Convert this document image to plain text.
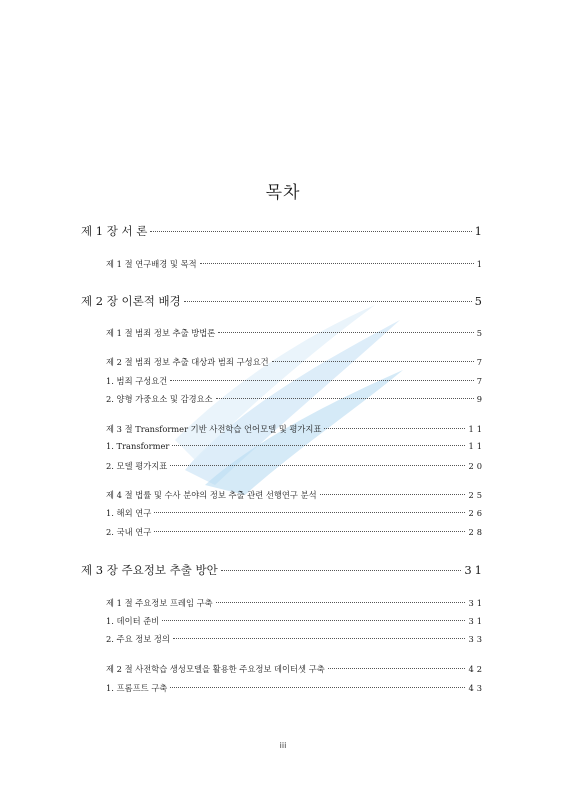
목차
제 1 장 서 론	1
제 1 절 연구배경 및 목적	1
제 2 장 이론적 배경	5
제 1 절 범죄 정보 추출 방법론	5
제 2 절 범죄 정보 추출 대상과 범죄 구성요건	7
1. 범죄 구성요건	7
2. 양형 가중요소 및 감경요소	9
제 3 절 Transformer 기반 사전학습 언어모델 및 평가지표	11
1. Transformer	11
2. 모델 평가지표	20
제 4 절 법률 및 수사 분야의 정보 추출 관련 선행연구 분석	25
1. 해외 연구	26
2. 국내 연구	28
제 3 장 주요정보 추출 방안	31
제 1 절 주요정보 프레임 구축	31
1. 데이터 준비	31
2. 주요 정보 정의	33
제 2 절 사전학습 생성모델을 활용한 주요정보 데이터셋 구축	42
1. 프롬프트 구축	43
iii
